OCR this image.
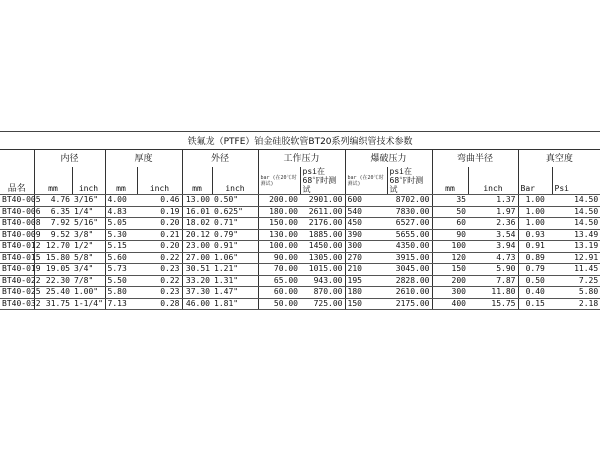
铁氟龙（PTFE）铂金硅胶软管BT20系列编织管技术参数														
	内径		厚度		外径		工作压力		爆破压力		弯曲半径		真空度	
品名	mm	inch	mm	inch	mm	inch	bar (在20℃时测试)	psi在68℉时测试	bar (在20℃时测试)	psi在68℉时测试	mm	inch	Bar	Psi
BT40-005	4.76	3/16"	4.00	0.46	13.00	0.50"	200.00	2901.00	600	8702.00	35	1.37	1.00	14.50
BT40-006	6.35	1/4"	4.83	0.19	16.01	0.625"	180.00	2611.00	540	7830.00	50	1.97	1.00	14.50
BT40-008	7.92	5/16"	5.05	0.20	18.02	0.71"	150.00	2176.00	450	6527.00	60	2.36	1.00	14.50
BT40-009	9.52	3/8"	5.30	0.21	20.12	0.79"	130.00	1885.00	390	5655.00	90	3.54	0.93	13.49
BT40-012	12.70	1/2"	5.15	0.20	23.00	0.91"	100.00	1450.00	300	4350.00	100	3.94	0.91	13.19
BT40-015	15.80	5/8"	5.60	0.22	27.00	1.06"	90.00	1305.00	270	3915.00	120	4.73	0.89	12.91
BT40-019	19.05	3/4"	5.73	0.23	30.51	1.21"	70.00	1015.00	210	3045.00	150	5.90	0.79	11.45
BT40-022	22.30	7/8"	5.50	0.22	33.20	1.31"	65.00	943.00	195	2828.00	200	7.87	0.50	7.25
BT40-025	25.40	1.00"	5.80	0.23	37.30	1.47"	60.00	870.00	180	2610.00	300	11.80	0.40	5.80
BT40-032	31.75	1-1/4"	7.13	0.28	46.00	1.81"	50.00	725.00	150	2175.00	400	15.75	0.15	2.18
